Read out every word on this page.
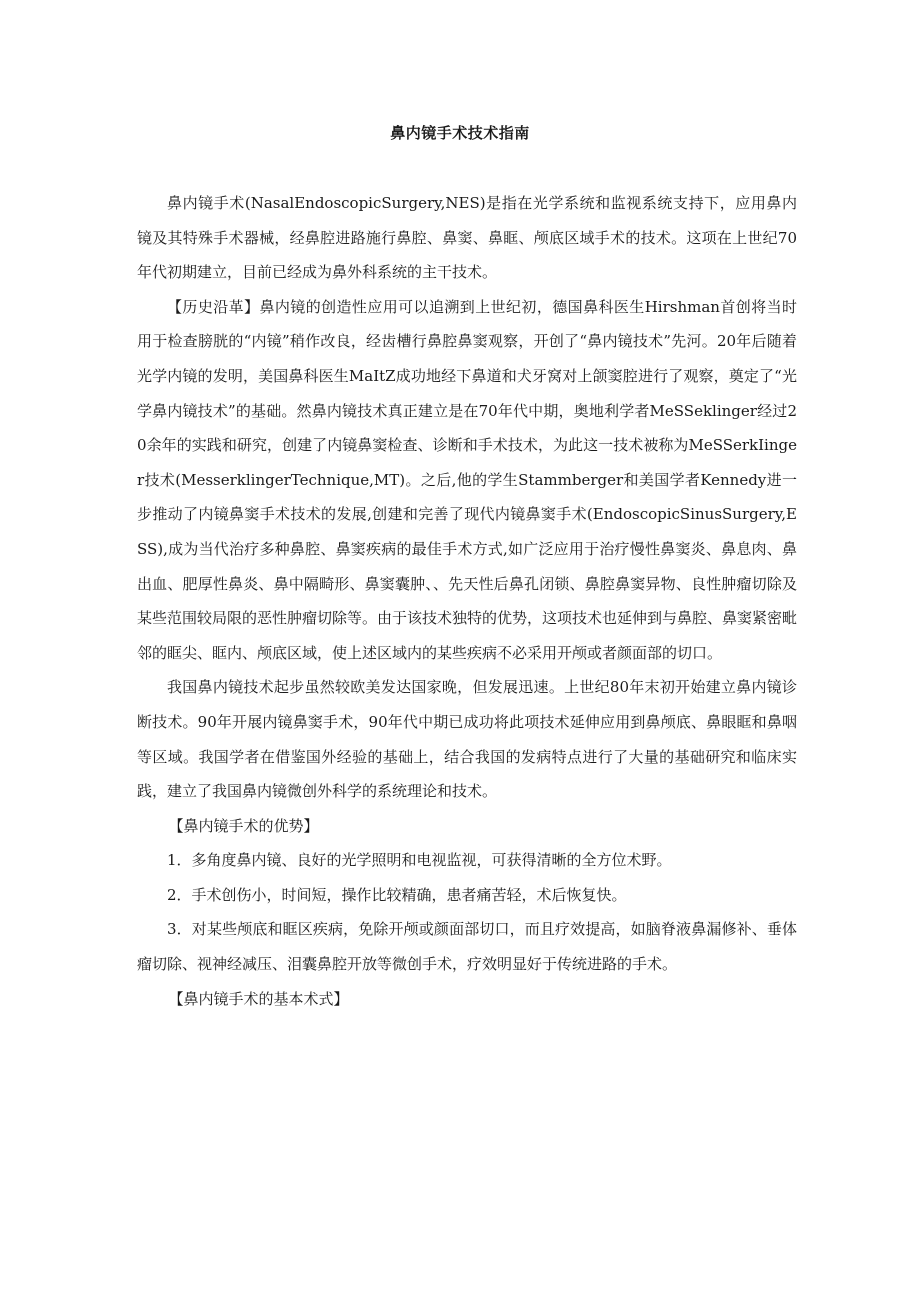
鼻内镜手术技术指南

鼻内镜手术(NasalEndoscopicSurgery,NES)是指在光学系统和监视系统支持下，应用鼻内镜及其特殊手术器械，经鼻腔进路施行鼻腔、鼻窦、鼻眶、颅底区域手术的技术。这项在上世纪70年代初期建立，目前已经成为鼻外科系统的主干技术。

【历史沿革】鼻内镜的创造性应用可以追溯到上世纪初，德国鼻科医生Hirshman首创将当时用于检查膀胱的“内镜”稍作改良，经齿槽行鼻腔鼻窦观察，开创了“鼻内镜技术”先河。20年后随着光学内镜的发明，美国鼻科医生MaItZ成功地经下鼻道和犬牙窝对上颌窦腔进行了观察，奠定了“光学鼻内镜技术”的基础。然鼻内镜技术真正建立是在70年代中期，奥地利学者MeSSeklinger经过20余年的实践和研究，创建了内镜鼻窦检查、诊断和手术技术，为此这一技术被称为MeSSerkIinger技术(MesserklingerTechnique,MT)。之后,他的学生Stammberger和美国学者Kennedy进一步推动了内镜鼻窦手术技术的发展,创建和完善了现代内镜鼻窦手术(EndoscopicSinusSurgery,ESS),成为当代治疗多种鼻腔、鼻窦疾病的最佳手术方式,如广泛应用于治疗慢性鼻窦炎、鼻息肉、鼻出血、肥厚性鼻炎、鼻中隔畸形、鼻窦囊肿、、先天性后鼻孔闭锁、鼻腔鼻窦异物、良性肿瘤切除及某些范围较局限的恶性肿瘤切除等。由于该技术独特的优势，这项技术也延伸到与鼻腔、鼻窦紧密毗邻的眶尖、眶内、颅底区域，使上述区域内的某些疾病不必采用开颅或者颜面部的切口。

我国鼻内镜技术起步虽然较欧美发达国家晚，但发展迅速。上世纪80年末初开始建立鼻内镜诊断技术。90年开展内镜鼻窦手术，90年代中期已成功将此项技术延伸应用到鼻颅底、鼻眼眶和鼻咽等区域。我国学者在借鉴国外经验的基础上，结合我国的发病特点进行了大量的基础研究和临床实践，建立了我国鼻内镜微创外科学的系统理论和技术。

【鼻内镜手术的优势】

1．多角度鼻内镜、良好的光学照明和电视监视，可获得清晰的全方位术野。

2．手术创伤小，时间短，操作比较精确，患者痛苦轻，术后恢复快。

3．对某些颅底和眶区疾病，免除开颅或颜面部切口，而且疗效提高，如脑脊液鼻漏修补、垂体瘤切除、视神经减压、泪囊鼻腔开放等微创手术，疗效明显好于传统进路的手术。

【鼻内镜手术的基本术式】
